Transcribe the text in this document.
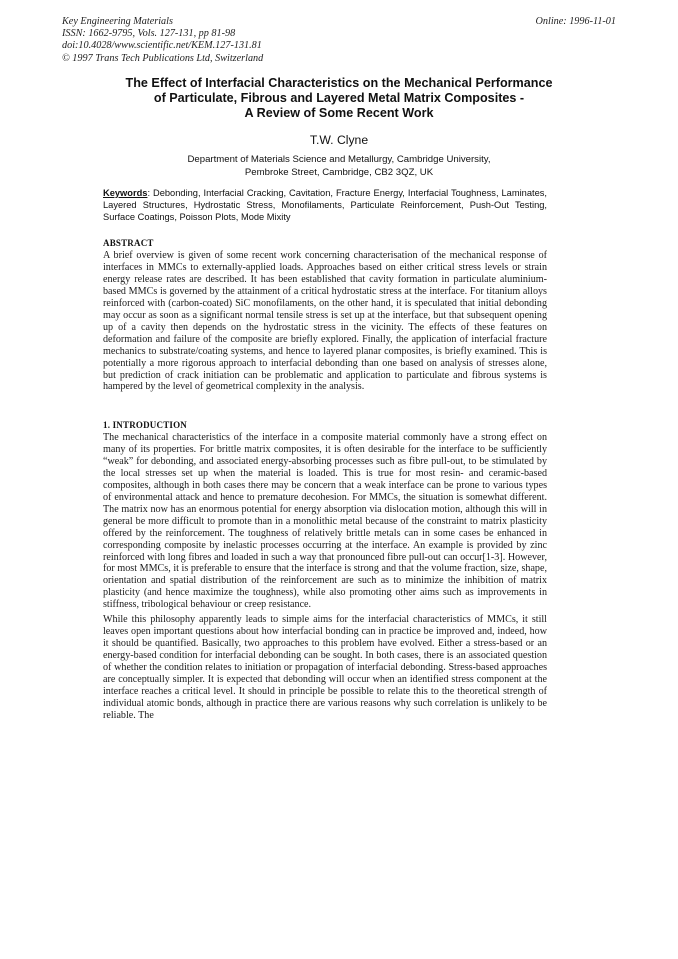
Key Engineering Materials
ISSN: 1662-9795, Vols. 127-131, pp 81-98
doi:10.4028/www.scientific.net/KEM.127-131.81
© 1997 Trans Tech Publications Ltd, Switzerland
Online: 1996-11-01
The Effect of Interfacial Characteristics on the Mechanical Performance
of Particulate, Fibrous and Layered Metal Matrix Composites -
A Review of Some Recent Work
T.W. Clyne
Department of Materials Science and Metallurgy, Cambridge University,
Pembroke Street, Cambridge, CB2 3QZ, UK
Keywords: Debonding, Interfacial Cracking, Cavitation, Fracture Energy, Interfacial Toughness, Laminates, Layered Structures, Hydrostatic Stress, Monofilaments, Particulate Reinforcement, Push-Out Testing, Surface Coatings, Poisson Plots, Mode Mixity
ABSTRACT

A brief overview is given of some recent work concerning characterisation of the mechanical response of interfaces in MMCs to externally-applied loads. Approaches based on either critical stress levels or strain energy release rates are described. It has been established that cavity formation in particulate aluminium-based MMCs is governed by the attainment of a critical hydrostatic stress at the interface. For titanium alloys reinforced with (carbon-coated) SiC monofilaments, on the other hand, it is speculated that initial debonding may occur as soon as a significant normal tensile stress is set up at the interface, but that subsequent opening up of a cavity then depends on the hydrostatic stress in the vicinity. The effects of these features on deformation and failure of the composite are briefly explored. Finally, the application of interfacial fracture mechanics to substrate/coating systems, and hence to layered planar composites, is briefly examined. This is potentially a more rigorous approach to interfacial debonding than one based on analysis of stresses alone, but prediction of crack initiation can be problematic and application to particulate and fibrous systems is hampered by the level of geometrical complexity in the analysis.

1. INTRODUCTION

The mechanical characteristics of the interface in a composite material commonly have a strong effect on many of its properties. For brittle matrix composites, it is often desirable for the interface to be sufficiently “weak” for debonding, and associated energy-absorbing processes such as fibre pull-out, to be stimulated by the local stresses set up when the material is loaded. This is true for most resin- and ceramic-based composites, although in both cases there may be concern that a weak interface can be prone to various types of environmental attack and hence to premature decohesion. For MMCs, the situation is somewhat different. The matrix now has an enormous potential for energy absorption via dislocation motion, although this will in general be more difficult to promote than in a monolithic metal because of the constraint to matrix plasticity offered by the reinforcement. The toughness of relatively brittle metals can in some cases be enhanced in corresponding composite by inelastic processes occurring at the interface. An example is provided by zinc reinforced with long fibres and loaded in such a way that pronounced fibre pull-out can occur[1-3]. However, for most MMCs, it is preferable to ensure that the interface is strong and that the volume fraction, size, shape, orientation and spatial distribution of the reinforcement are such as to minimize the inhibition of matrix plasticity (and hence maximize the toughness), while also promoting other aims such as improvements in stiffness, tribological behaviour or creep resistance.

While this philosophy apparently leads to simple aims for the interfacial characteristics of MMCs, it still leaves open important questions about how interfacial bonding can in practice be improved and, indeed, how it should be quantified. Basically, two approaches to this problem have evolved. Either a stress-based or an energy-based condition for interfacial debonding can be sought. In both cases, there is an associated question of whether the condition relates to initiation or propagation of interfacial debonding. Stress-based approaches are conceptually simpler. It is expected that debonding will occur when an identified stress component at the interface reaches a critical level. It should in principle be possible to relate this to the theoretical strength of individual atomic bonds, although in practice there are various reasons why such correlation is unlikely to be reliable. The
